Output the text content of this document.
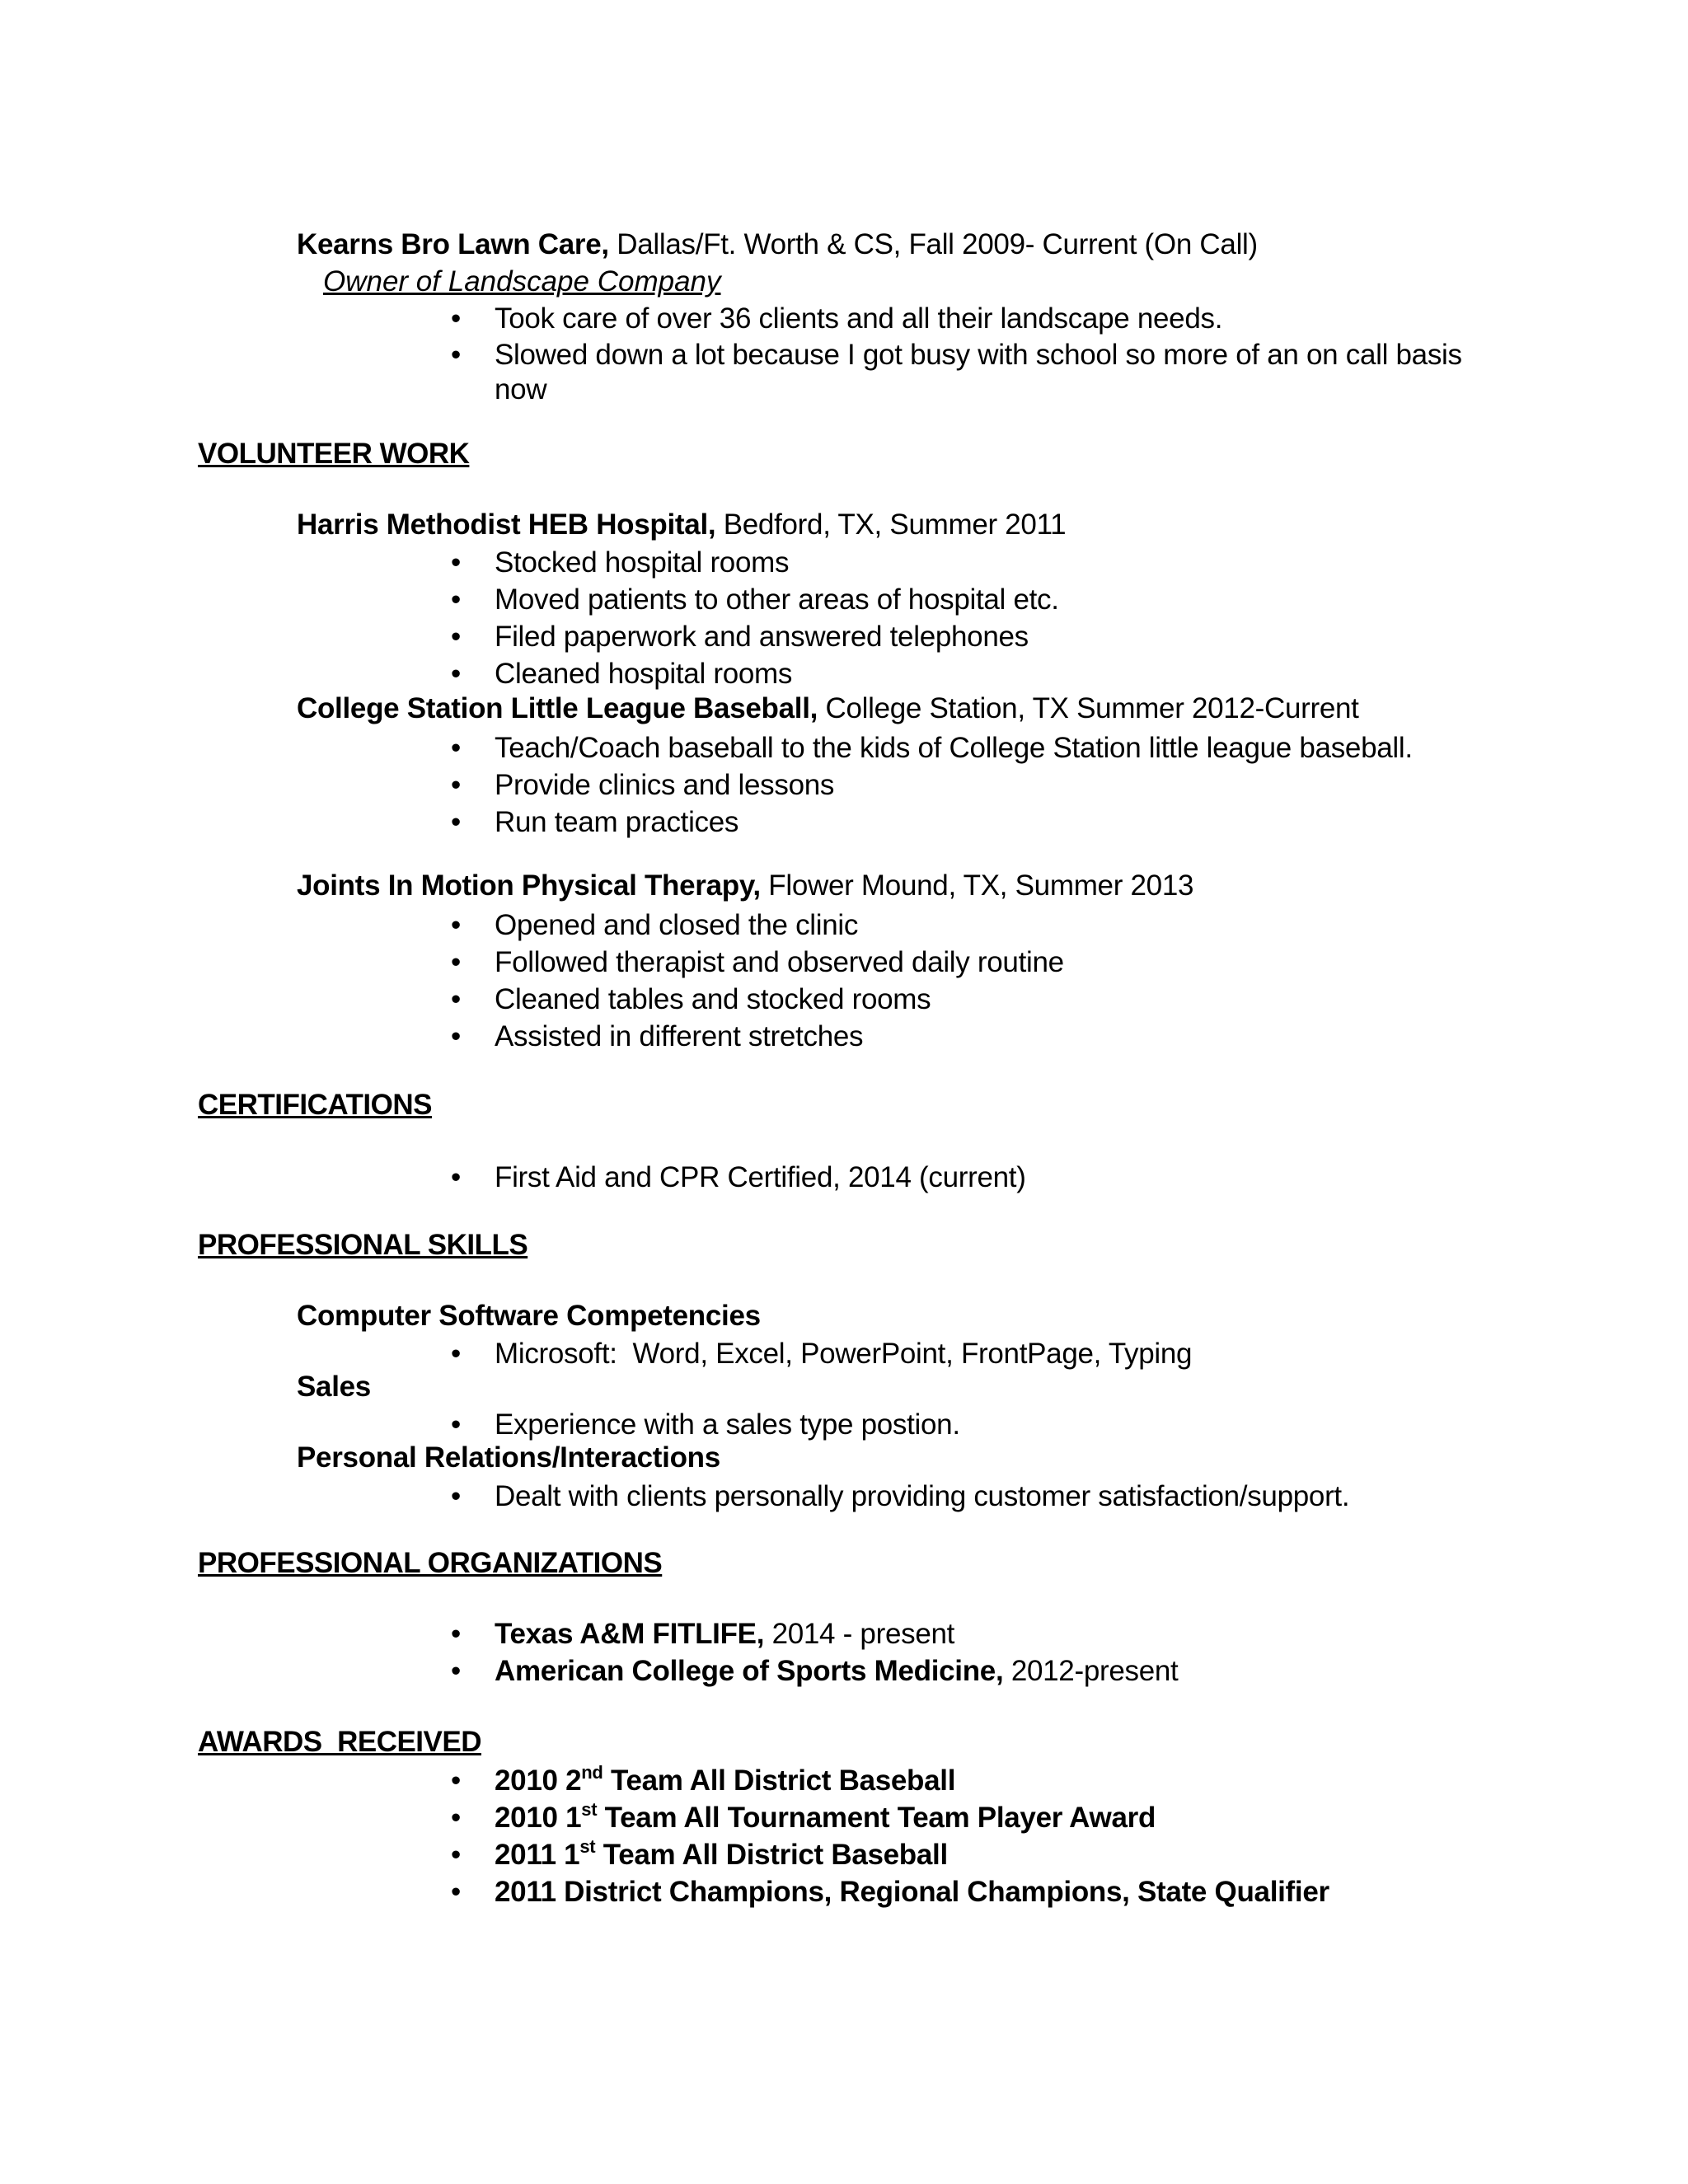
Kearns Bro Lawn Care, Dallas/Ft. Worth & CS, Fall 2009- Current (On Call)
Owner of Landscape Company
• Took care of over 36 clients and all their landscape needs.
• Slowed down a lot because I got busy with school so more of an on call basis now
VOLUNTEER WORK
Harris Methodist HEB Hospital, Bedford, TX, Summer 2011
• Stocked hospital rooms
• Moved patients to other areas of hospital etc.
• Filed paperwork and answered telephones
• Cleaned hospital rooms
College Station Little League Baseball, College Station, TX Summer 2012-Current
• Teach/Coach baseball to the kids of College Station little league baseball.
• Provide clinics and lessons
• Run team practices
Joints In Motion Physical Therapy, Flower Mound, TX, Summer 2013
• Opened and closed the clinic
• Followed therapist and observed daily routine
• Cleaned tables and stocked rooms
• Assisted in different stretches
CERTIFICATIONS
• First Aid and CPR Certified, 2014 (current)
PROFESSIONAL SKILLS
Computer Software Competencies
• Microsoft:  Word, Excel, PowerPoint, FrontPage, Typing
Sales
• Experience with a sales type postion.
Personal Relations/Interactions
• Dealt with clients personally providing customer satisfaction/support.
PROFESSIONAL ORGANIZATIONS
• Texas A&M FITLIFE, 2014 - present
• American College of Sports Medicine, 2012-present
AWARDS  RECEIVED
• 2010 2nd Team All District Baseball
• 2010 1st Team All Tournament Team Player Award
• 2011 1st Team All District Baseball
• 2011 District Champions, Regional Champions, State Qualifier
